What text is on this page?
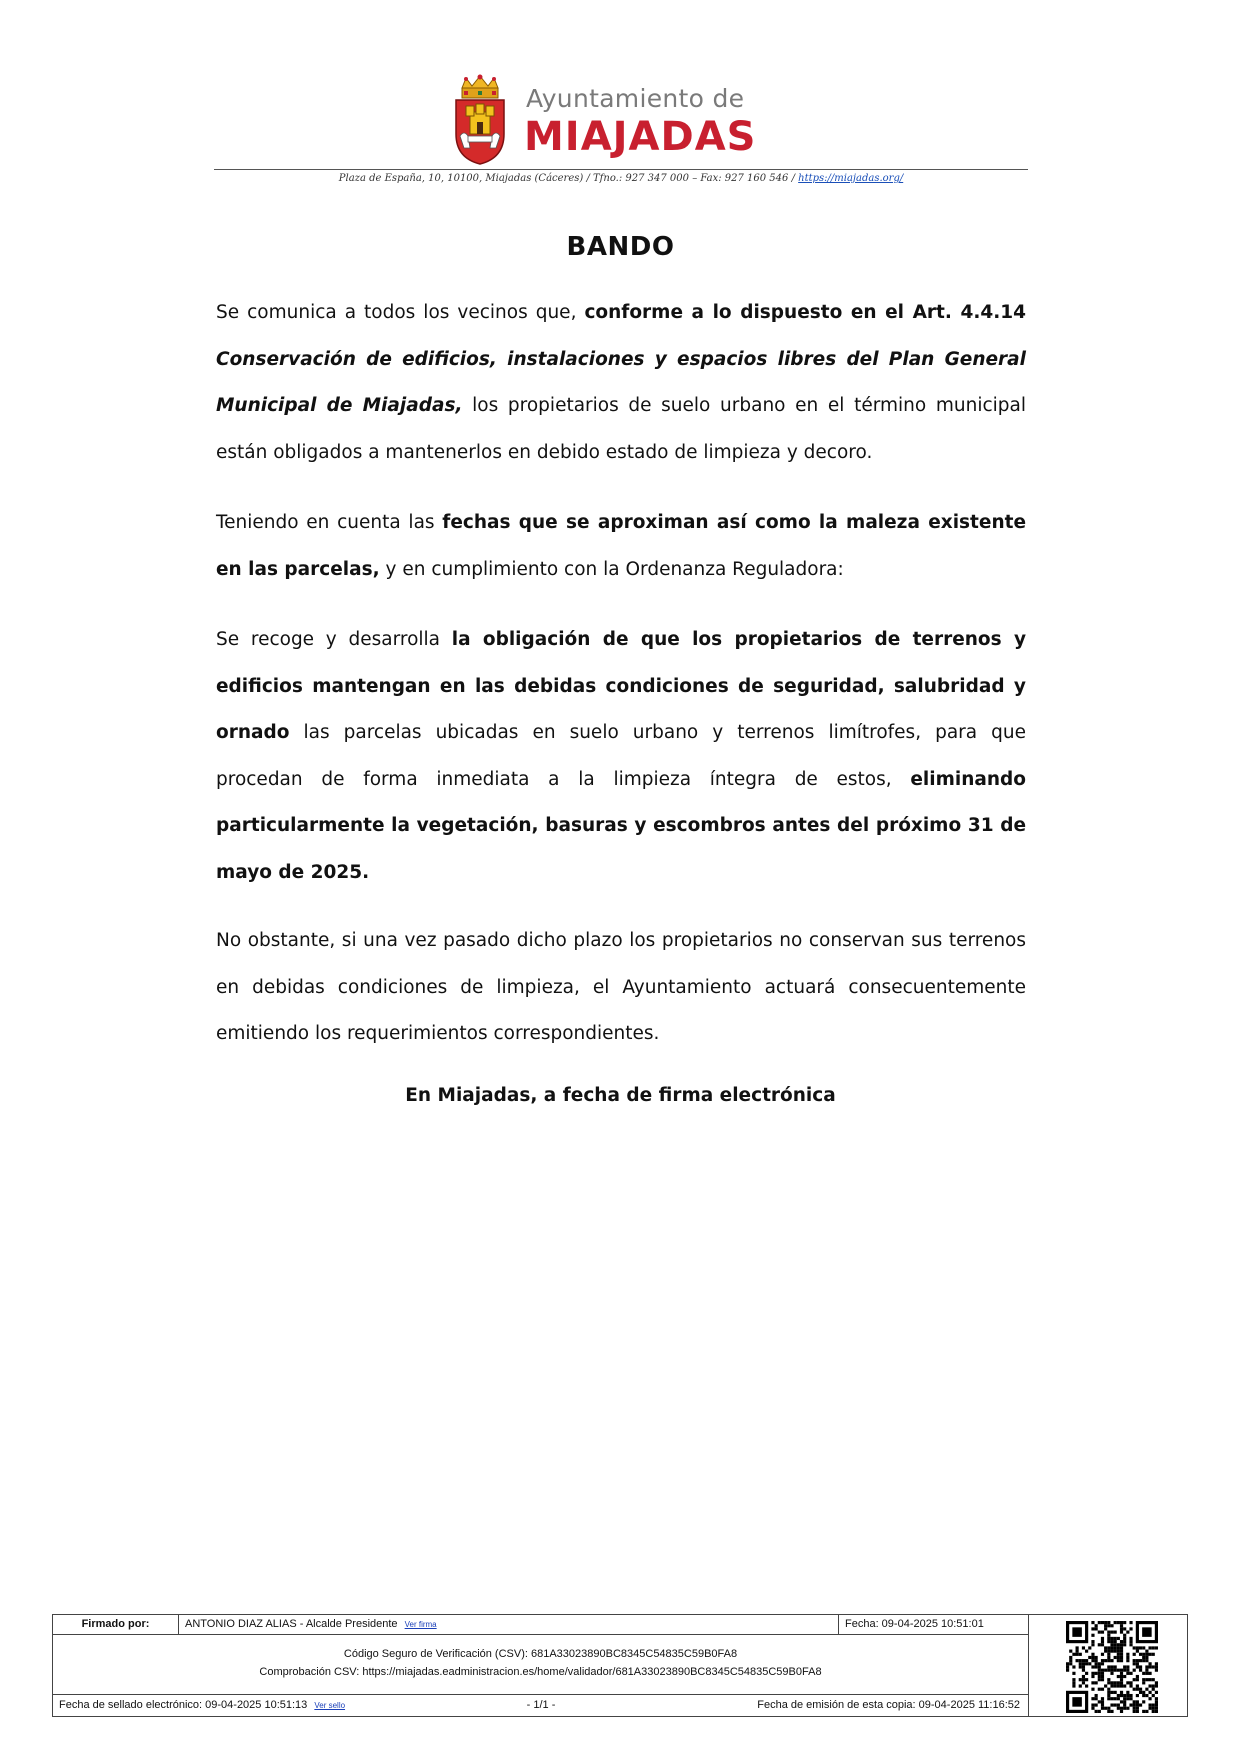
Ayuntamiento de
MIAJADAS
Plaza de España, 10, 10100, Miajadas (Cáceres) / Tfno.: 927 347 000 – Fax: 927 160 546 / https://miajadas.org/
BANDO

Se comunica a todos los vecinos que, conforme a lo dispuesto en el Art. 4.4.14 Conservación de edificios, instalaciones y espacios libres del Plan General Municipal de Miajadas, los propietarios de suelo urbano en el término municipal están obligados a mantenerlos en debido estado de limpieza y decoro.

Teniendo en cuenta las fechas que se aproximan así como la maleza existente en las parcelas, y en cumplimiento con la Ordenanza Reguladora:

Se recoge y desarrolla la obligación de que los propietarios de terrenos y edificios mantengan en las debidas condiciones de seguridad, salubridad y ornado las parcelas ubicadas en suelo urbano y terrenos limítrofes, para que procedan de forma inmediata a la limpieza íntegra de estos, eliminando particularmente la vegetación, basuras y escombros antes del próximo 31 de mayo de 2025.

No obstante, si una vez pasado dicho plazo los propietarios no conservan sus terrenos en debidas condiciones de limpieza, el Ayuntamiento actuará consecuentemente emitiendo los requerimientos correspondientes.

En Miajadas, a fecha de firma electrónica
Firmado por:	ANTONIO DIAZ ALIAS - Alcalde Presidente Ver firma	Fecha: 09-04-2025 10:51:01
Código Seguro de Verificación (CSV): 681A33023890BC8345C54835C59B0FA8
Comprobación CSV: https://miajadas.eadministracion.es/home/validador/681A33023890BC8345C54835C59B0FA8
Fecha de sellado electrónico: 09-04-2025 10:51:13 Ver sello	- 1/1 -	Fecha de emisión de esta copia: 09-04-2025 11:16:52
